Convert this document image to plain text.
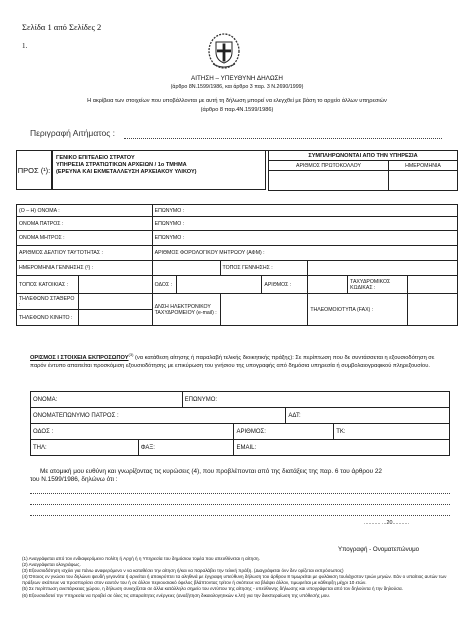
Σελίδα 1 από Σελίδες 2
1.
ΑΙΤΗΣΗ – ΥΠΕΥΘΥΝΗ ΔΗΛΩΣΗ
(άρθρο 8Ν.1599/1986, και άρθρο 3 παρ. 3 Ν.2690/1999)
Η ακρίβεια των στοιχείων που υποβάλλονται με αυτή τη δήλωση μπορεί να ελεγχθεί με βάση το αρχείο άλλων υπηρεσιών
(άρθρο 8 παρ.4Ν.1599/1986)
Περιγραφή Αιτήματος :
ΠΡΟΣ (¹):
ΓΕΝΙΚΟ ΕΠΙΤΕΛΕΙΟ ΣΤΡΑΤΟΥ
ΥΠΗΡΕΣΙΑ ΣΤΡΑΤΙΩΤΙΚΩΝ ΑΡΧΕΙΩΝ / 1ο ΤΜΗΜΑ
(ΕΡΕΥΝΑ ΚΑΙ ΕΚΜΕΤΑΛΛΕΥΣΗ ΑΡΧΕΙΑΚΟΥ ΥΛΙΚΟΥ)
ΣΥΜΠΛΗΡΩΝΟΝΤΑΙ ΑΠΟ ΤΗΝ ΥΠΗΡΕΣΙΑ	
ΑΡΙΘΜΟΣ ΠΡΩΤΟΚΟΛΛΟΥ	ΗΜΕΡΟΜΗΝΙΑ

(Ο – Η) ΟΝΟΜΑ :		ΕΠΩΝΥΜΟ :						
ΟΝΟΜΑ ΠΑΤΡΟΣ :		ΕΠΩΝΥΜΟ :						
ΟΝΟΜΑ ΜΗΤΡΟΣ :		ΕΠΩΝΥΜΟ :						
ΑΡΙΘΜΟΣ ΔΕΛΤΙΟΥ ΤΑΥΤΟΤΗΤΑΣ :		ΑΡΙΘΜΟΣ ΦΟΡΟΛΟΓΙΚΟΥ ΜΗΤΡΩΟΥ (ΑΦΜ) :						
ΗΜΕΡΟΜΗΝΙΑ ΓΕΝΝΗΣΗΣ (²) :				ΤΟΠΟΣ ΓΕΝΝΗΣΗΣ :				
ΤΟΠΟΣ ΚΑΤΟΙΚΙΑΣ :		ΟΔΟΣ :			ΑΡΙΘΜΟΣ :		ΤΑΧΥΔΡΟΜΙΚΟΣ ΚΩΔΙΚΑΣ :	
ΤΗΛΕΦΩΝΟ ΣΤΑΘΕΡΟ :		ΔΝΣΗ ΗΛΕΚΤΡΟΝΙΚΟΥ ΤΑΧΥΔΡΟΜΕΙΟΥ (e-mail) :				ΤΗΛΕΟΜΟΙΟΤΥΠΑ (FAX) :		
ΤΗΛΕΦΩΝΟ ΚΙΝΗΤΟ :								
ΟΡΙΣΜΟΣ Ι ΣΤΟΙΧΕΙΑ ΕΚΠΡΟΣΩΠΟΥ$^{(3)}$ (να κατάθεση αίτησης ή παραλαβή τελικής διοικητικής πράξης): Σε περίπτωση που δε συντάσσεται η εξουσιοδότηση σε παρόν έντυπο απαιτείται προσκόμιση εξουσιοδότησης με επικύρωση του γνήσιου της υπογραφής από δημόσια υπηρεσία ή συμβολαιογραφικού πληρεξουσίου.
ΟΝΟΜΑ:		ΕΠΩΝΥΜΟ:			
ΟΝΟΜΑΤΕΠΩΝΥΜΟ ΠΑΤΡΟΣ :				ΑΔΤ:	
ΟΔΟΣ :			ΑΡΙΘΜΟΣ:		ΤΚ:
ΤΗΛ:	ΦΑΞ:		EMAIL:		
Με ατομική μου ευθύνη και γνωρίζοντας τις κυρώσεις (4), που προβλέπονται από της διατάξεις της παρ. 6 του άρθρου 22
του Ν.1599/1986, δηλώνω ότι :
........... ...20...........
Υπογραφή - Ονοματεπώνυμο
(1) Αναγράφεται από τον ενδιαφερόμενο πολίτη ή Αρχή ή η Υπηρεσία του δημόσιου τομέα που απευθύνεται η αίτηση.
(2) Αναγράφεται ολογράφως.
(3) Εξουσιοδότηση ισχύει για πάνω αναφερόμενο ν να καταθέσει την αίτηση ή/και να παραλάβει την τελική πράξη. (Διαγράφεται όνν δεν ορίζεται εκπρόσωπος)
(4) Όποιος εν γνώσει του δηλώνει ψευδή γεγονότα ή αρνείται ή αποκρύπτει τα αληθινά με έγγραφη υπεύθυνη δήλωση του άρθρου 8 τιμωρείται με φυλάκιση τουλάχιστον τριών μηνών. Εάν ο υπαίτιος αυτών των πράξεων σκόπευε να προσπορίσει στον εαυτόν του ή σε άλλον περιουσιακό όφελος βλάπτοντας τρίτον ή σκόπευε να βλάψει άλλον, τιμωρείται με κάθειρξη μέχρι 10 ετών.
(5) Σε περίπτωση ανεπάρκειας χώρου, η δήλωση συνεχίζεται σε άλλα κατάλληλο σημείο του εντύπου της αίτησης - υπεύθυνης δήλωσης και υπογράφεται από τον δηλούντα ή την δηλούσα.
(6) Εξουσιοδοτεί την Υπηρεσία να προβεί σε όλες τις απαραίτητες ενέργειες (αναζήτηση δικαιολογητικών κ.λπ) για την διεκπεραίωση της υπόθεσής μου.
